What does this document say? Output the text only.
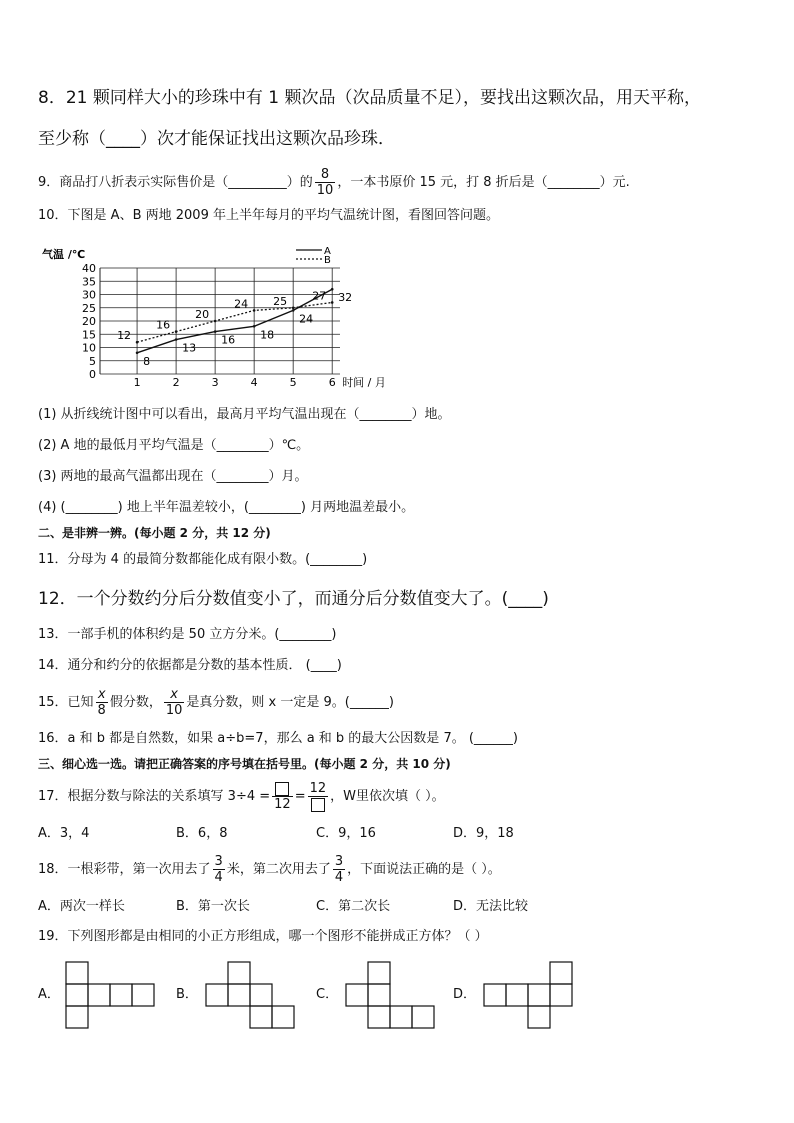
8．21 颗同样大小的珍珠中有 1 颗次品（次品质量不足），要找出这颗次品，用天平称，
至少称（____）次才能保证找出这颗次品珍珠．
9．商品打八折表示实际售价是（_________）的 $\frac{8}{10}$ ，一本书原价 15 元，打 8 折后是（________）元.
10．下图是 A、B 两地 2009 年上半年每月的平均气温统计图，看图回答问题。
0
5
10
15
20
25
30
35
40
1	2	3	4	5	6
气温 /℃
时间 / 月
8
13
16 18
24
32
12
16
20
24 25 27
A
B
(1) 从折线统计图中可以看出，最高月平均气温出现在（________）地。
(2) A 地的最低月平均气温是（________）℃。
(3) 两地的最高气温都出现在（________）月。
(4) (________) 地上半年温差较小，(________) 月两地温差最小。
二、是非辨一辨。(每小题 2 分，共 12 分)
11．分母为 4 的最简分数都能化成有限小数。(________)
12．一个分数约分后分数值变小了，而通分后分数值变大了。(____)
13．一部手机的体积约是 50 立方分米。(________)
14．通分和约分的依据都是分数的基本性质． (____)
15．已知 $\frac{x}{8}$ 假分数， $\frac{x}{10}$ 是真分数，则 x 一定是 9。(______)
16．a 和 b 都是自然数，如果 a÷b=7，那么 a 和 b 的最大公因数是 7。 (______)
三、细心选一选。请把正确答案的序号填在括号里。(每小题 2 分，共 10 分)
17．根据分数与除法的关系填写 3÷4 =
12
=
12
，W里依次填（ ）。
A．3，4	B．6，8	C．9，16	D．9，18
18．一根彩带，第一次用去了 $\frac{3}{4}$ 米，第二次用去了 $\frac{3}{4}$ ，下面说法正确的是（ ）。
A．两次一样长	B．第一次长	C．第二次长	D．无法比较
19．下列图形都是由相同的小正方形组成，哪一个图形不能拼成正方体？（ ）
A．	B．	C．	D．
